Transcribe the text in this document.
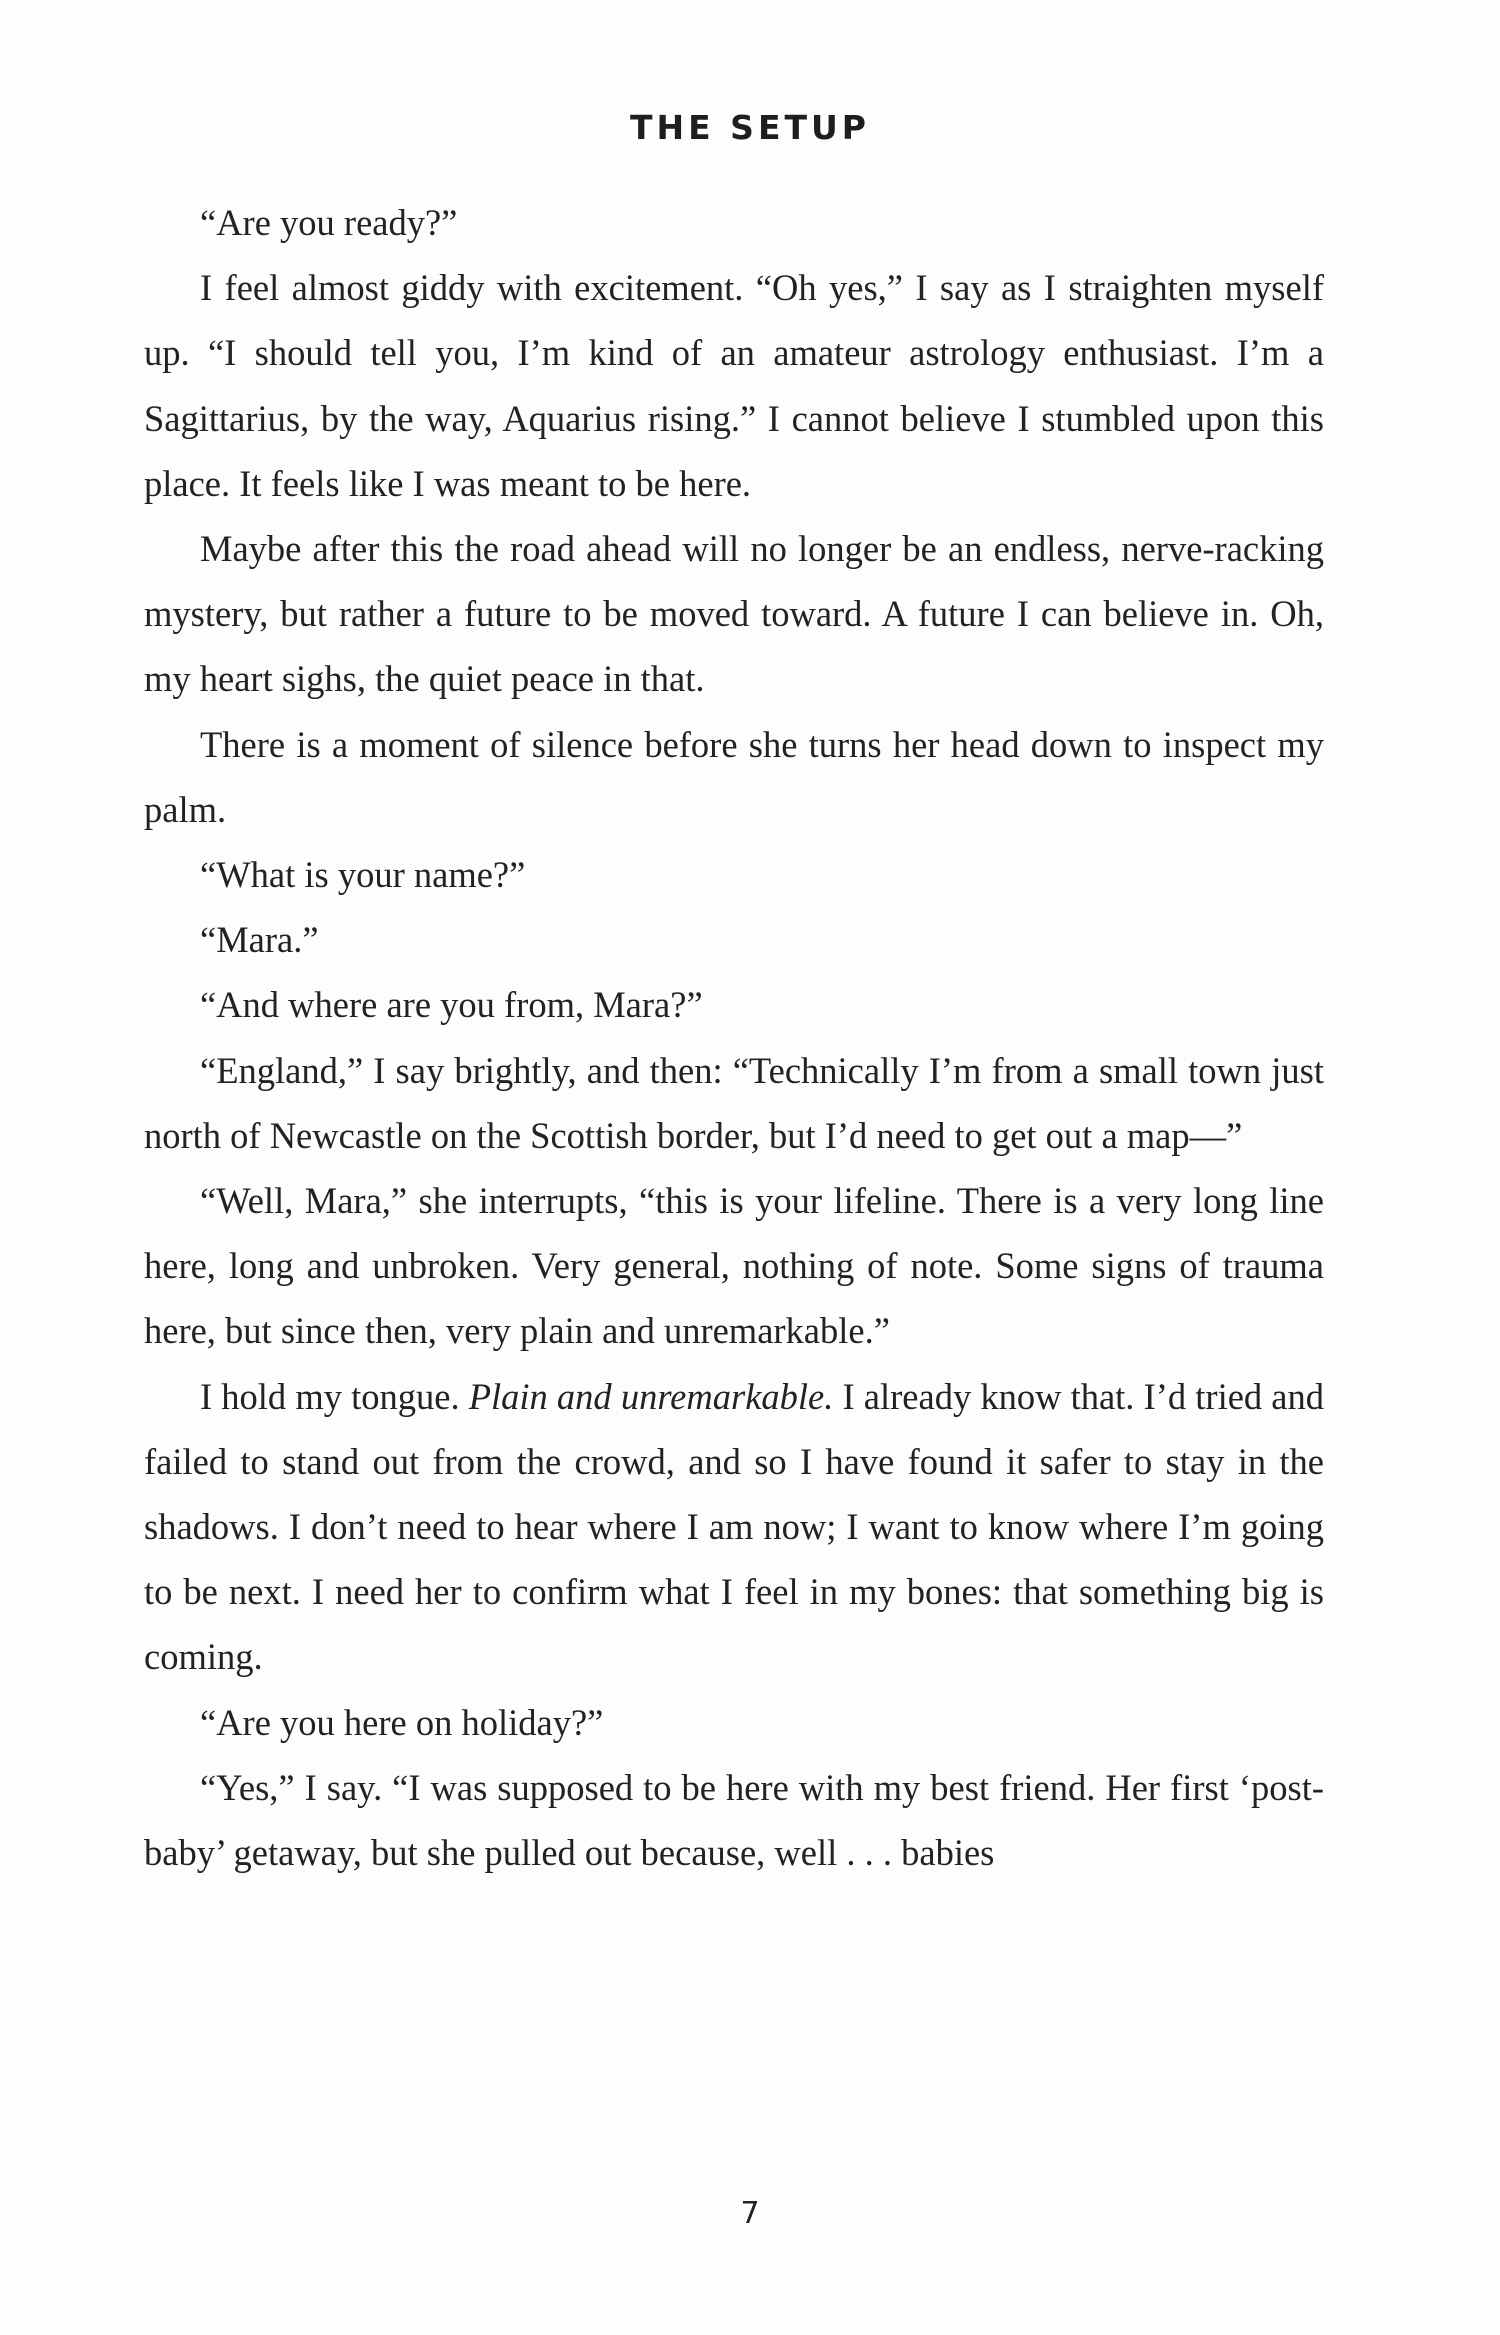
THE SETUP

“Are you ready?”

I feel almost giddy with excitement. “Oh yes,” I say as I straighten myself up. “I should tell you, I’m kind of an amateur astrology enthusiast. I’m a Sagittarius, by the way, Aquarius rising.” I cannot believe I stumbled upon this place. It feels like I was meant to be here.

Maybe after this the road ahead will no longer be an endless, nerve-racking mystery, but rather a future to be moved toward. A future I can believe in. Oh, my heart sighs, the quiet peace in that.

There is a moment of silence before she turns her head down to inspect my palm.

“What is your name?”

“Mara.”

“And where are you from, Mara?”

“England,” I say brightly, and then: “Technically I’m from a small town just north of Newcastle on the Scottish border, but I’d need to get out a map—”

“Well, Mara,” she interrupts, “this is your lifeline. There is a very long line here, long and unbroken. Very general, nothing of note. Some signs of trauma here, but since then, very plain and unremarkable.”

I hold my tongue. Plain and unremarkable. I already know that. I’d tried and failed to stand out from the crowd, and so I have found it safer to stay in the shadows. I don’t need to hear where I am now; I want to know where I’m going to be next. I need her to confirm what I feel in my bones: that something big is coming.

“Are you here on holiday?”

“Yes,” I say. “I was supposed to be here with my best friend. Her first ‘post-baby’ getaway, but she pulled out because, well . . . babies

7
